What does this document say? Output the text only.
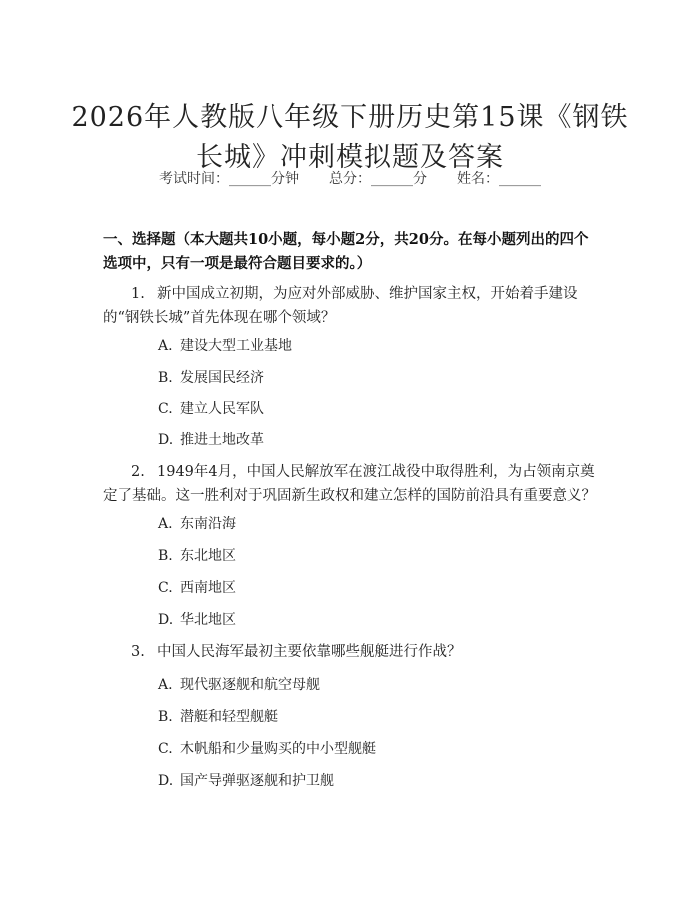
2026年人教版八年级下册历史第15课《钢铁长城》冲刺模拟题及答案
考试时间：______分钟 总分：______分 姓名：______
一、选择题（本大题共10小题，每小题2分，共20分。在每小题列出的四个选项中，只有一项是最符合题目要求的。）
1. 新中国成立初期，为应对外部威胁、维护国家主权，开始着手建设的“钢铁长城”首先体现在哪个领域？
A. 建设大型工业基地
B. 发展国民经济
C. 建立人民军队
D. 推进土地改革
2. 1949年4月，中国人民解放军在渡江战役中取得胜利，为占领南京奠定了基础。这一胜利对于巩固新生政权和建立怎样的国防前沿具有重要意义？
A. 东南沿海
B. 东北地区
C. 西南地区
D. 华北地区
3. 中国人民海军最初主要依靠哪些舰艇进行作战？
A. 现代驱逐舰和航空母舰
B. 潜艇和轻型舰艇
C. 木帆船和少量购买的中小型舰艇
D. 国产导弹驱逐舰和护卫舰
